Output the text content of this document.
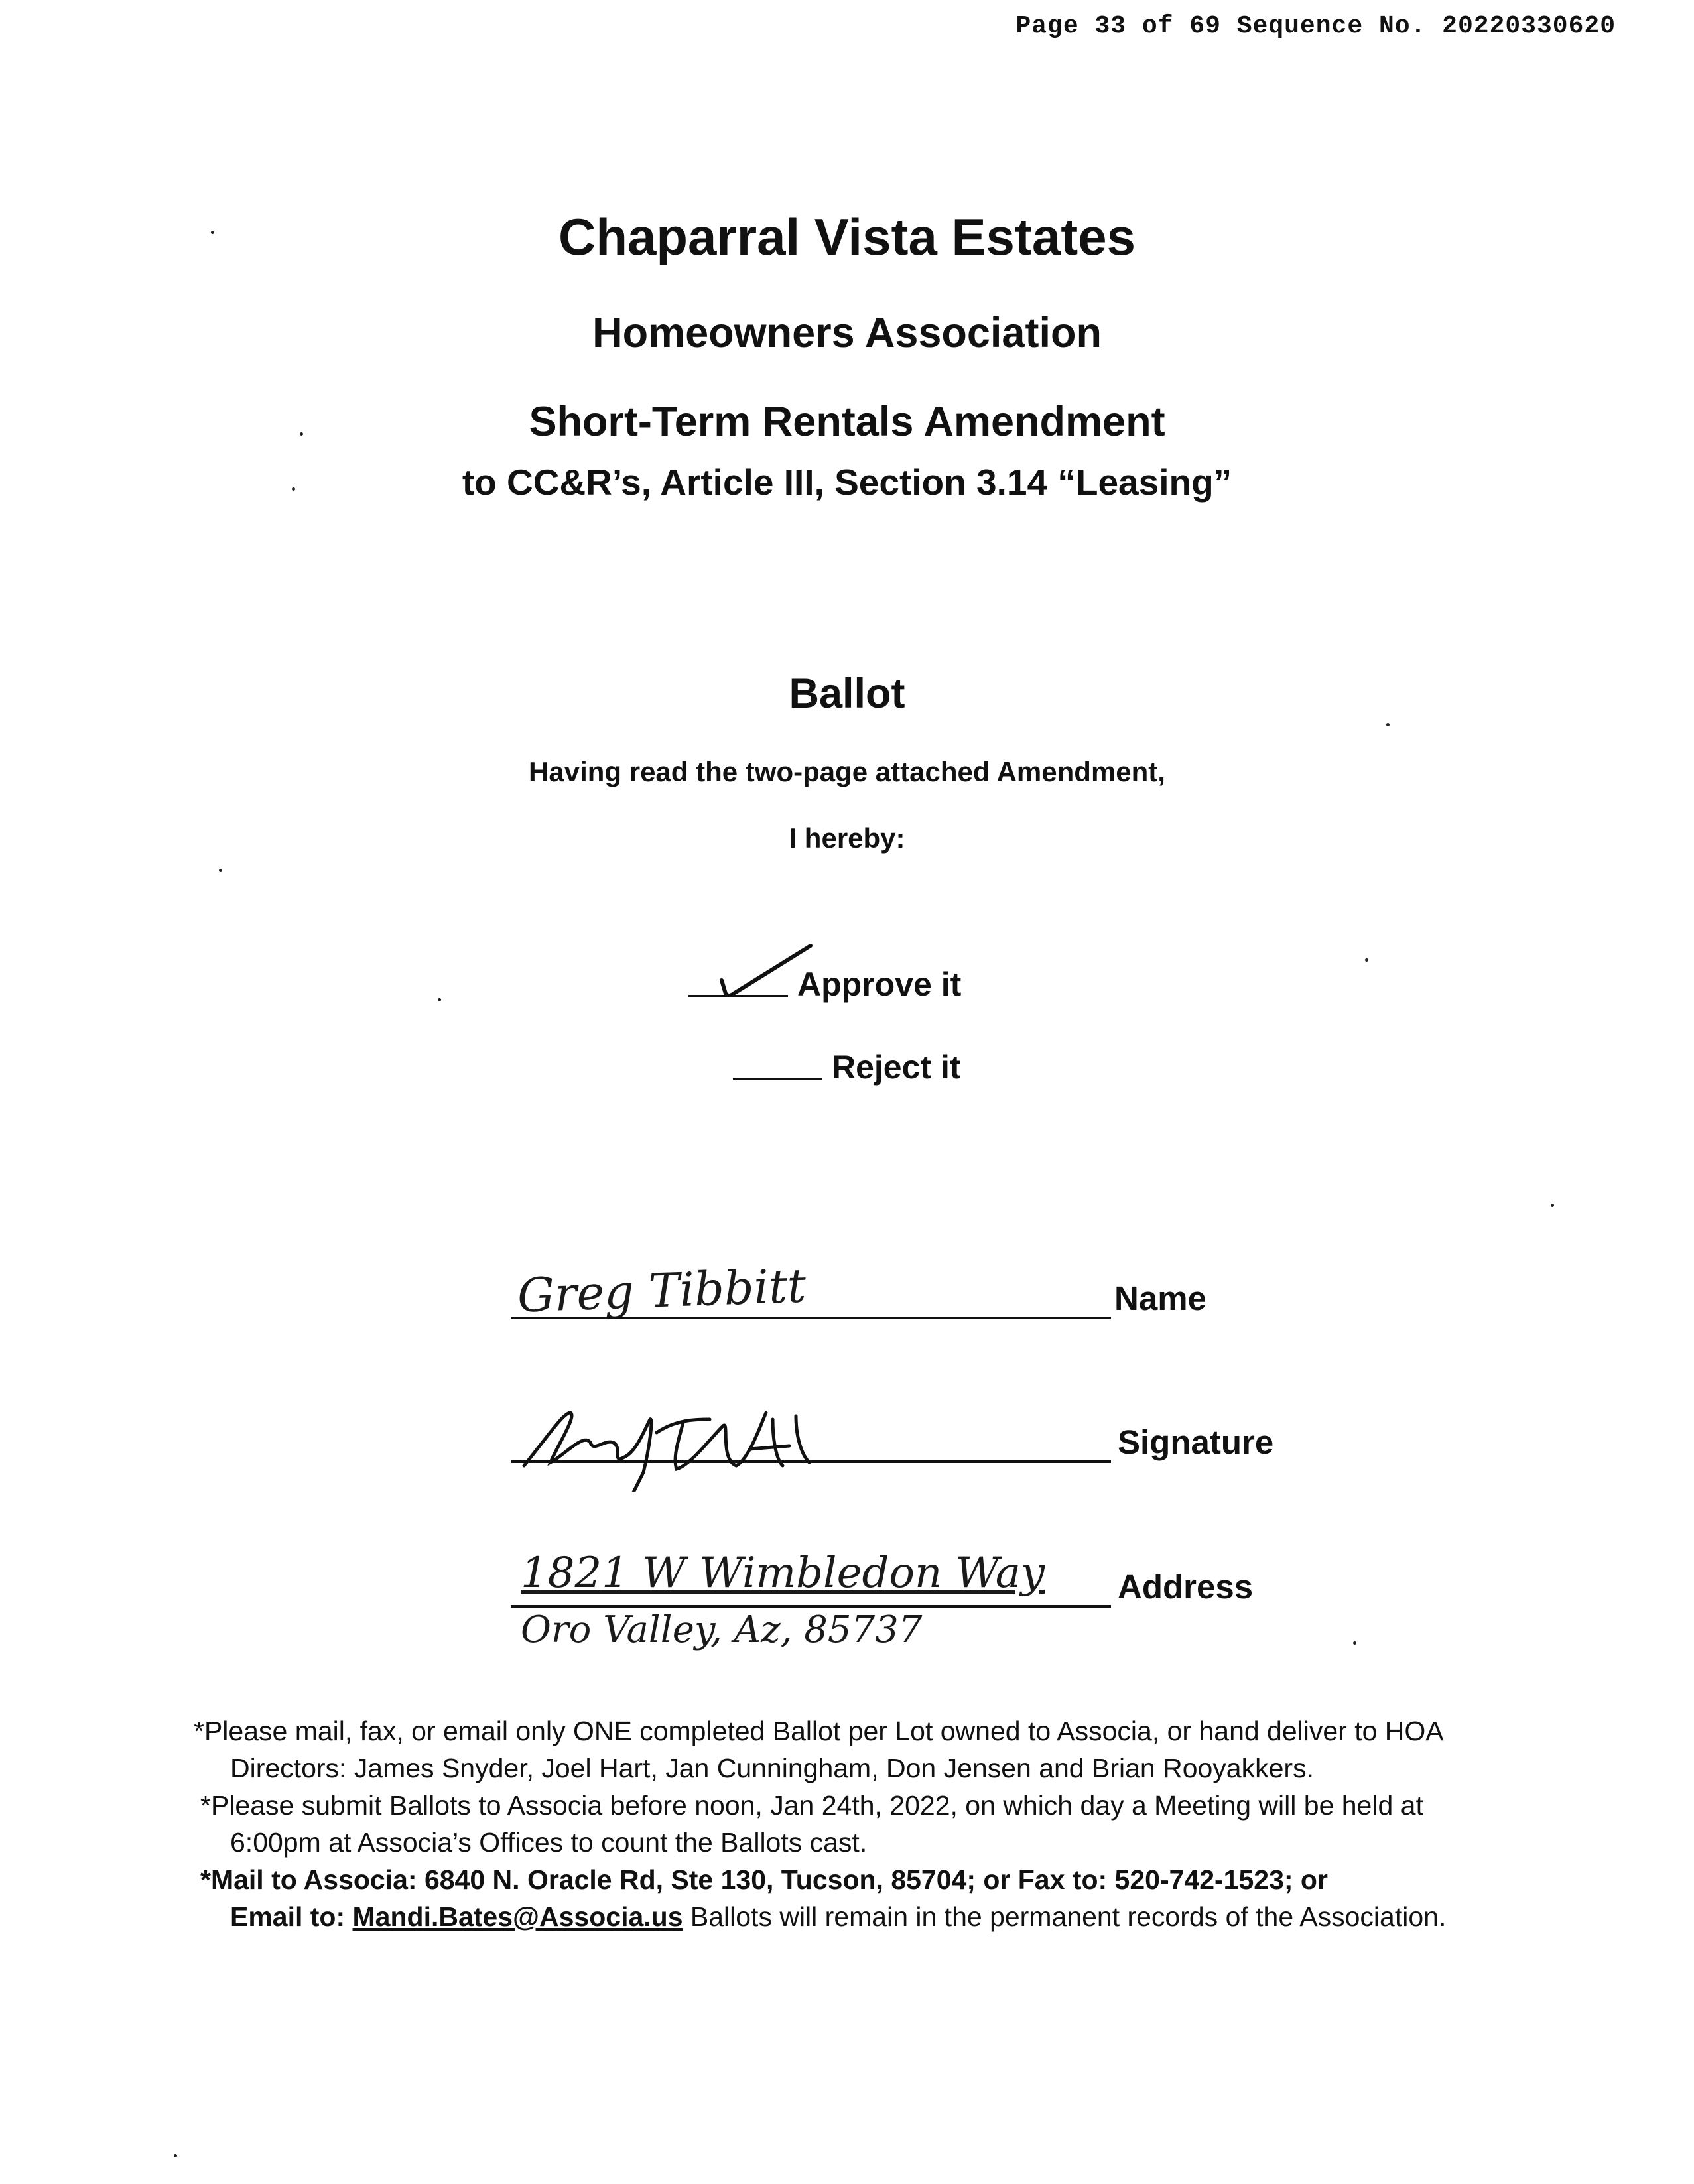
Page 33 of 69 Sequence No. 20220330620
Chaparral Vista Estates
Homeowners Association
Short-Term Rentals Amendment
to CC&R’s, Article III, Section 3.14 “Leasing”
Ballot
Having read the two-page attached Amendment,
I hereby:
Approve it
Reject it
Greg Tibbitt	Name
Signature
1821 W Wimbledon Way Address
Oro Valley, Az, 85737
*Please mail, fax, or email only ONE completed Ballot per Lot owned to Associa, or hand deliver to HOA
Directors: James Snyder, Joel Hart, Jan Cunningham, Don Jensen and Brian Rooyakkers.
*Please submit Ballots to Associa before noon, Jan 24th, 2022, on which day a Meeting will be held at
6:00pm at Associa’s Offices to count the Ballots cast.
*Mail to Associa: 6840 N. Oracle Rd, Ste 130, Tucson, 85704; or Fax to: 520-742-1523; or
Email to: Mandi.Bates@Associa.us Ballots will remain in the permanent records of the Association.
